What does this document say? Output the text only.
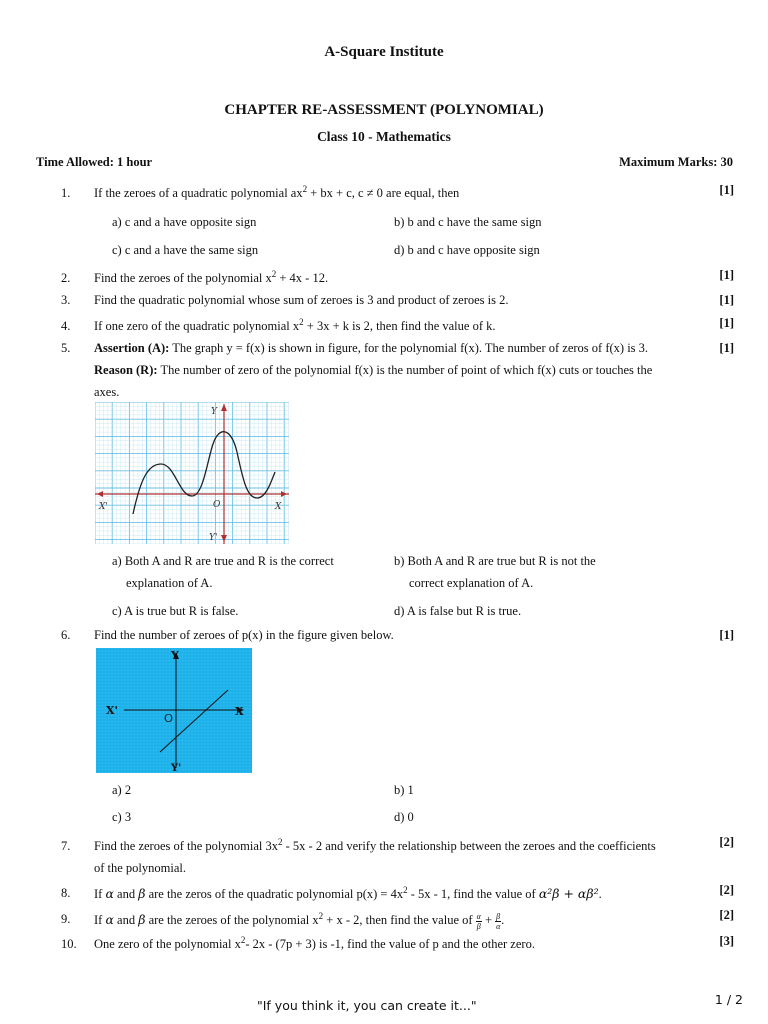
A-Square Institute
CHAPTER RE-ASSESSMENT (POLYNOMIAL)
Class 10 - Mathematics
Time Allowed: 1 hour	Maximum Marks: 30
1. If the zeroes of a quadratic polynomial $ax^2$ + bx + c, c ≠ 0 are equal, then	[1]
a) c and a have opposite sign	b) b and c have the same sign
c) c and a have the same sign	d) b and c have opposite sign
2. Find the zeroes of the polynomial $x^2 + 4x - 12$.	[1]
3. Find the quadratic polynomial whose sum of zeroes is 3 and product of zeroes is 2.	[1]
4. If one zero of the quadratic polynomial $x^2 + 3x + k$ is 2, then find the value of k.	[1]
5. Assertion (A): The graph y = f(x) is shown in figure, for the polynomial f(x). The number of zeros of f(x) is 3.	[1]
Reason (R): The number of zero of the polynomial f(x) is the number of point of which f(x) cuts or touches the
axes.
Y
X
X'
Y'
O
a) Both A and R are true and R is the correct
explanation of A.
b) Both A and R are true but R is not the
correct explanation of A.
c) A is true but R is false.	d) A is false but R is true.
6. Find the number of zeroes of p(x) in the figure given below.	[1]
Y
X
X'
Y'
O
a) 2	b) 1
c) 3	d) 0
7. Find the zeroes of the polynomial $3x^2 - 5x - 2$ and verify the relationship between the zeroes and the coefficients	[2]
of the polynomial.
8. If α and β are the zeros of the quadratic polynomial $p(x) = 4x^2 - 5x - 1$, find the value of α²β + αβ².	[2]
9. If α and β are the zeroes of the polynomial $x^2 + x - 2$, then find the value of $\frac{\alpha}{\beta} + \frac{\beta}{\alpha}$ .	[2]
10. One zero of the polynomial $x^2-$ 2x - (7p + 3) is -1, find the value of p and the other zero.	[3]
"If you think it, you can create it..."	1 / 2
